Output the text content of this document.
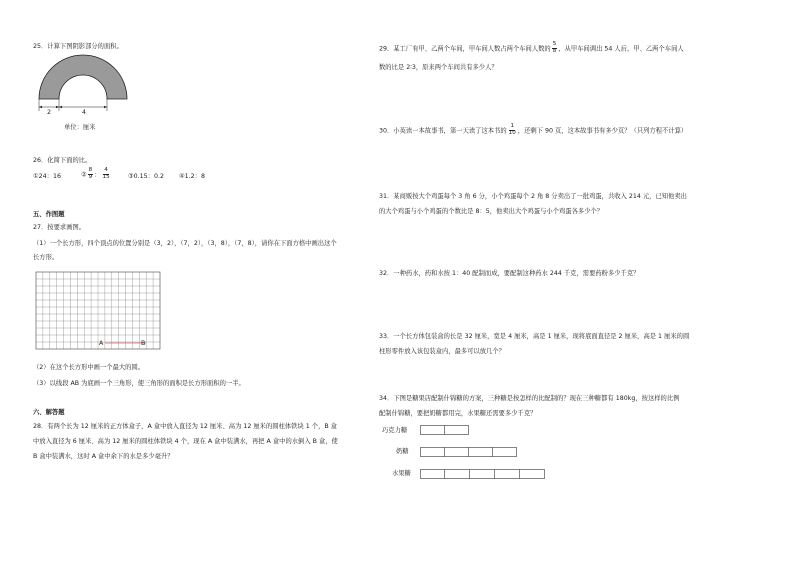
25．计算下图阴影部分的面积。
2	4
单位：厘米
26．化简下面的比。
①24：16	② $\frac{8}{9}$ ： $\frac{4}{15}$	③0.15：0.2 ④1.2：8
五、作图题
27．按要求画图。
（1）一个长方形，四个顶点的位置分别是（3，2），（7，2），（3，8），（7，8），请你在下面方格中画出这个
长方形。
A	B
（2）在这个长方形中画一个最大的圆。
（3）以线段 AB 为底画一个三角形，使三角形的面积是长方形面积的一半。
六、解答题
28．有两个长为 12 厘米的正方体盒子，A 盒中放入直径为 12 厘米、高为 12 厘米的圆柱体铁块 1 个，B 盒
中放入直径为 6 厘米、高为 12 厘米的圆柱体铁块 4 个，现在 A 盒中装满水，再把 A 盒中的水倒入 B 盒，使
B 盒中装满水，这时 A 盒中余下的水是多少毫升？
29．某工厂有甲、乙两个车间，甲车间人数占两个车间人数的 $\frac{5}{8}$ ，从甲车间调出 54 人后，甲、乙两个车间人
数的比是 2∶3，原来两个车间共有多少人？
30．小英读一本故事书，第一天读了这本书的 $\frac{1}{10}$ ，还剩下 90 页，这本故事书有多少页？（只列方程不计算）
31．某商贩按大个鸡蛋每个 3 角 6 分，小个鸡蛋每个 2 角 8 分卖出了一批鸡蛋，共收入 214 元，已知他卖出
的大个鸡蛋与小个鸡蛋的个数比是 8：5，他卖出大个鸡蛋与小个鸡蛋各多少个？
32．一种药水，药和水按 1：40 配制而成，要配制这种药水 244 千克，需要药粉多少千克？
33．一个长方体包装盒的长是 32 厘米，宽是 4 厘米，高是 1 厘米，现将底面直径是 2 厘米，高是 1 厘米的圆
柱形零件放入该包装盒内，最多可以放几个？
34．下图是糖果店配制什锦糖的方案，三种糖是按怎样的比配制的？现在三种糖都有 180kg，按这样的比例
配制什锦糖，要把奶糖都用完，水果糖还需要多少千克？
巧克力糖
奶糖
水果糖
